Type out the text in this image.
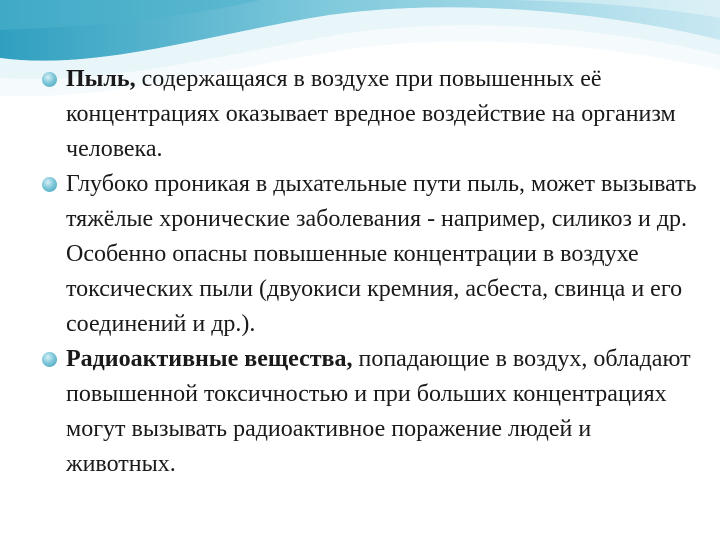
Пыль, содержащаяся в воздухе при повышенных её концентрациях оказывает вредное воздействие на организм человека.

Глубоко проникая в дыхательные пути пыль, может вызывать тяжёлые хронические заболевания - например, силикоз и др. Особенно опасны повышенные концентрации в воздухе токсических пыли (двуокиси кремния, асбеста, свинца и его соединений и др.).

Радиоактивные вещества, попадающие в воздух, обладают повышенной токсичностью и при больших концентрациях могут вызывать радиоактивное поражение людей и животных.
